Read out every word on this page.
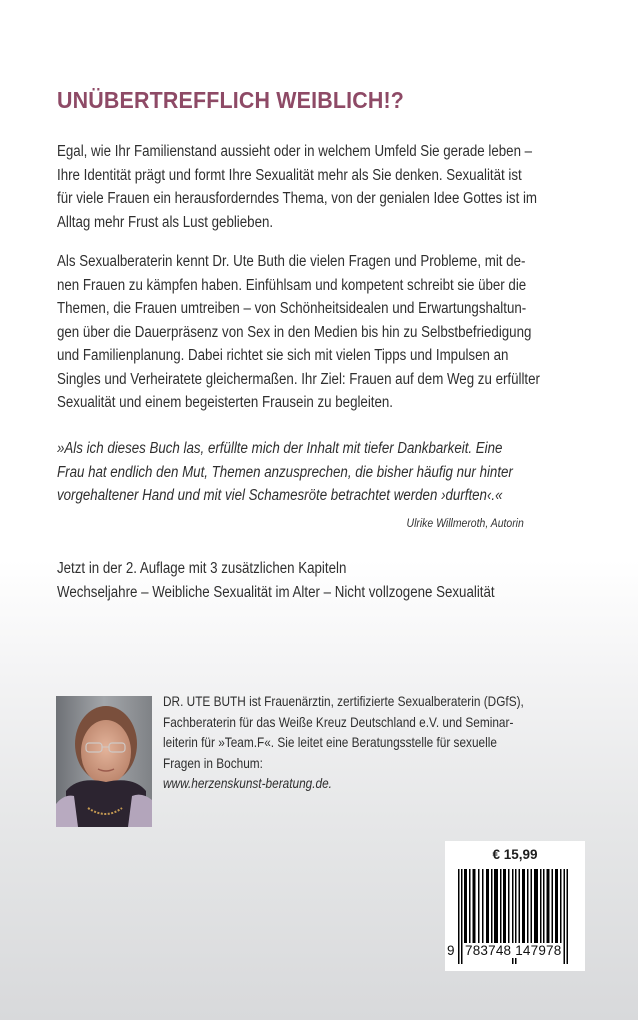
UNÜBERTREFFLICH WEIBLICH!?

Egal, wie Ihr Familienstand aussieht oder in welchem Umfeld Sie gerade leben –
Ihre Identität prägt und formt Ihre Sexualität mehr als Sie denken. Sexualität ist
für viele Frauen ein herausforderndes Thema, von der genialen Idee Gottes ist im
Alltag mehr Frust als Lust geblieben.

Als Sexualberaterin kennt Dr. Ute Buth die vielen Fragen und Probleme, mit de-
nen Frauen zu kämpfen haben. Einfühlsam und kompetent schreibt sie über die
Themen, die Frauen umtreiben – von Schönheitsidealen und Erwartungshaltun-
gen über die Dauerpräsenz von Sex in den Medien bis hin zu Selbstbefriedigung
und Familienplanung. Dabei richtet sie sich mit vielen Tipps und Impulsen an
Singles und Verheiratete gleichermaßen. Ihr Ziel: Frauen auf dem Weg zu erfüllter
Sexualität und einem begeisterten Frausein zu begleiten.

»Als ich dieses Buch las, erfüllte mich der Inhalt mit tiefer Dankbarkeit. Eine
Frau hat endlich den Mut, Themen anzusprechen, die bisher häufig nur hinter
vorgehaltener Hand und mit viel Schamesröte betrachtet werden ›durften‹.«
Ulrike Willmeroth, Autorin

Jetzt in der 2. Auflage mit 3 zusätzlichen Kapiteln
Wechseljahre – Weibliche Sexualität im Alter – Nicht vollzogene Sexualität

DR. UTE BUTH ist Frauenärztin, zertifizierte Sexualberaterin (DGfS),
Fachberaterin für das Weiße Kreuz Deutschland e.V. und Seminar-
leiterin für »Team.F«. Sie leitet eine Beratungsstelle für sexuelle
Fragen in Bochum:
www.herzenskunst-beratung.de.

€ 15,99
9 783748 147978
